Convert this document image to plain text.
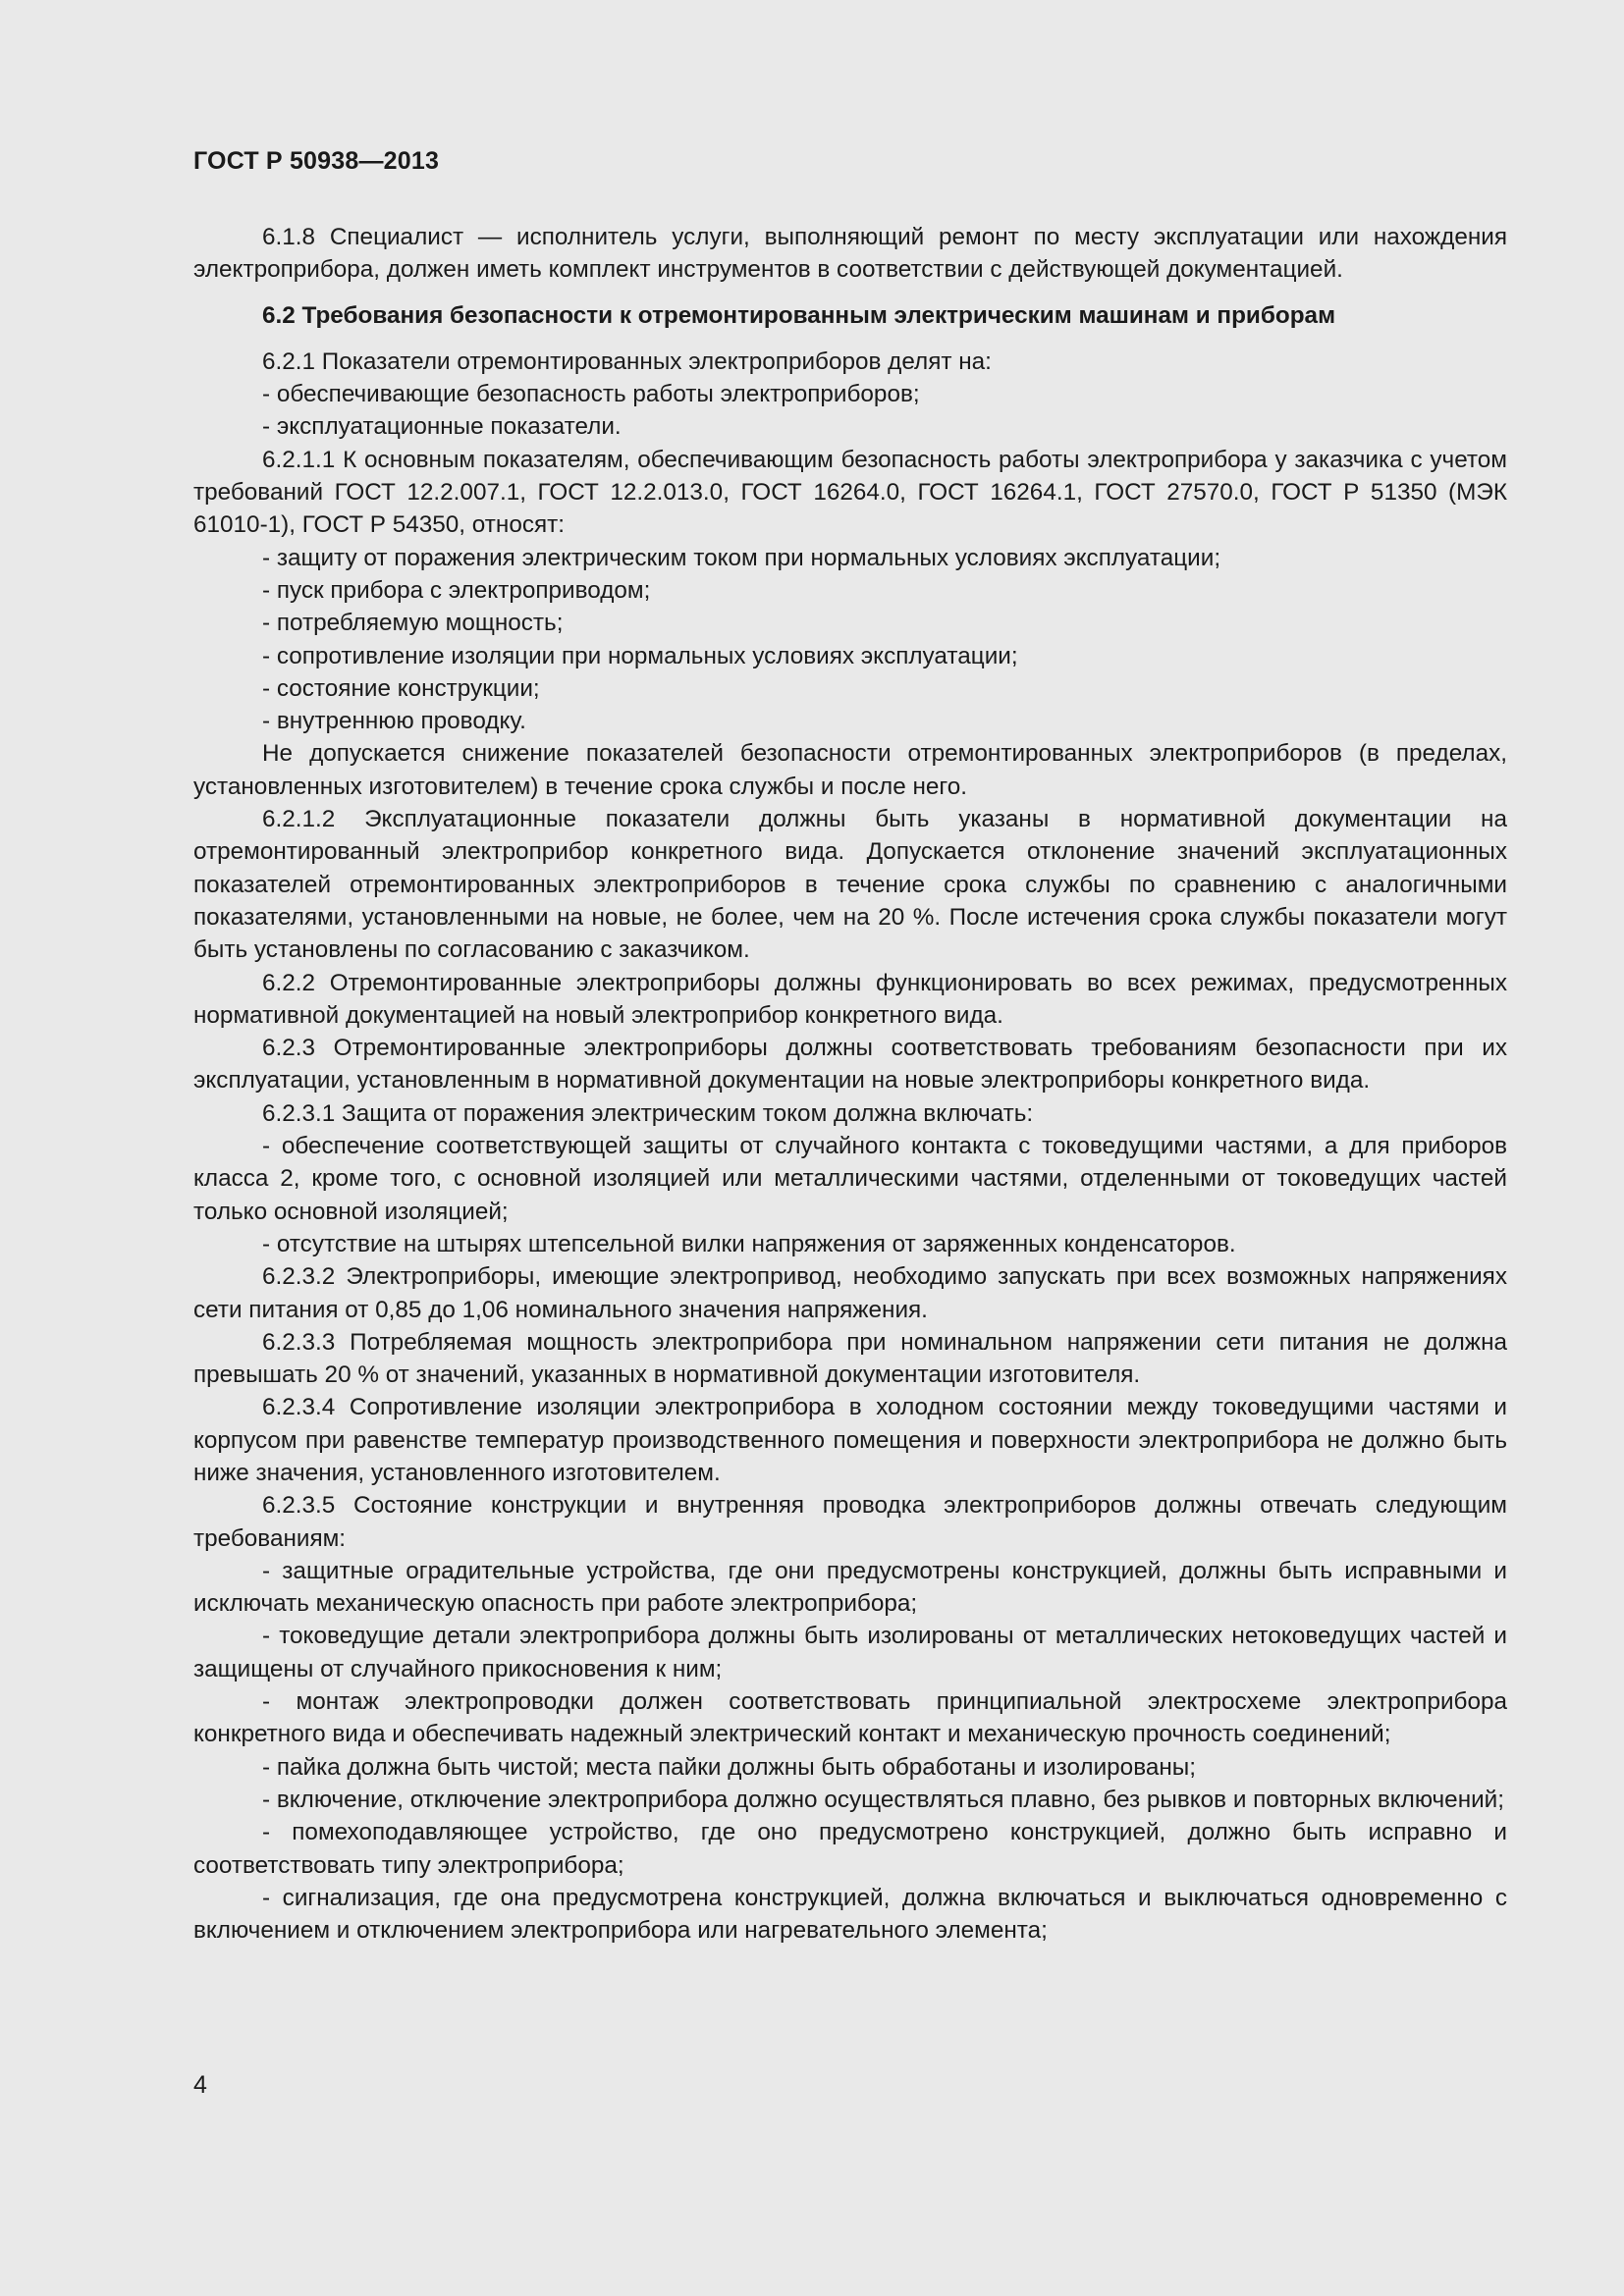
ГОСТ Р 50938—2013

6.1.8 Специалист — исполнитель услуги, выполняющий ремонт по месту эксплуатации или нахождения электроприбора, должен иметь комплект инструментов в соответствии с действующей документацией.

6.2 Требования безопасности к отремонтированным электрическим машинам и приборам

6.2.1 Показатели отремонтированных электроприборов делят на:

- обеспечивающие безопасность работы электроприборов;

- эксплуатационные показатели.

6.2.1.1 К основным показателям, обеспечивающим безопасность работы электроприбора у заказчика с учетом требований ГОСТ 12.2.007.1, ГОСТ 12.2.013.0, ГОСТ 16264.0, ГОСТ 16264.1, ГОСТ 27570.0, ГОСТ Р 51350 (МЭК 61010-1), ГОСТ Р 54350, относят:

- защиту от поражения электрическим током при нормальных условиях эксплуатации;

- пуск прибора с электроприводом;

- потребляемую мощность;

- сопротивление изоляции при нормальных условиях эксплуатации;

- состояние конструкции;

- внутреннюю проводку.

Не допускается снижение показателей безопасности отремонтированных электроприборов (в пределах, установленных изготовителем) в течение срока службы и после него.

6.2.1.2 Эксплуатационные показатели должны быть указаны в нормативной документации на отремонтированный электроприбор конкретного вида. Допускается отклонение значений эксплуатационных показателей отремонтированных электроприборов в течение срока службы по сравнению с аналогичными показателями, установленными на новые, не более, чем на 20 %. После истечения срока службы показатели могут быть установлены по согласованию с заказчиком.

6.2.2 Отремонтированные электроприборы должны функционировать во всех режимах, предусмотренных нормативной документацией на новый электроприбор конкретного вида.

6.2.3 Отремонтированные электроприборы должны соответствовать требованиям безопасности при их эксплуатации, установленным в нормативной документации на новые электроприборы конкретного вида.

6.2.3.1 Защита от поражения электрическим током должна включать:

- обеспечение соответствующей защиты от случайного контакта с токоведущими частями, а для приборов класса 2, кроме того, с основной изоляцией или металлическими частями, отделенными от токоведущих частей только основной изоляцией;

- отсутствие на штырях штепсельной вилки напряжения от заряженных конденсаторов.

6.2.3.2 Электроприборы, имеющие электропривод, необходимо запускать при всех возможных напряжениях сети питания от 0,85 до 1,06 номинального значения напряжения.

6.2.3.3 Потребляемая мощность электроприбора при номинальном напряжении сети питания не должна превышать 20 % от значений, указанных в нормативной документации изготовителя.

6.2.3.4 Сопротивление изоляции электроприбора в холодном состоянии между токоведущими частями и корпусом при равенстве температур производственного помещения и поверхности электроприбора не должно быть ниже значения, установленного изготовителем.

6.2.3.5 Состояние конструкции и внутренняя проводка электроприборов должны отвечать следующим требованиям:

- защитные оградительные устройства, где они предусмотрены конструкцией, должны быть исправными и исключать механическую опасность при работе электроприбора;

- токоведущие детали электроприбора должны быть изолированы от металлических нетоковедущих частей и защищены от случайного прикосновения к ним;

- монтаж электропроводки должен соответствовать принципиальной электросхеме электроприбора конкретного вида и обеспечивать надежный электрический контакт и механическую прочность соединений;

- пайка должна быть чистой; места пайки должны быть обработаны и изолированы;

- включение, отключение электроприбора должно осуществляться плавно, без рывков и повторных включений;

- помехоподавляющее устройство, где оно предусмотрено конструкцией, должно быть исправно и соответствовать типу электроприбора;

- сигнализация, где она предусмотрена конструкцией, должна включаться и выключаться одновременно с включением и отключением электроприбора или нагревательного элемента;

4
